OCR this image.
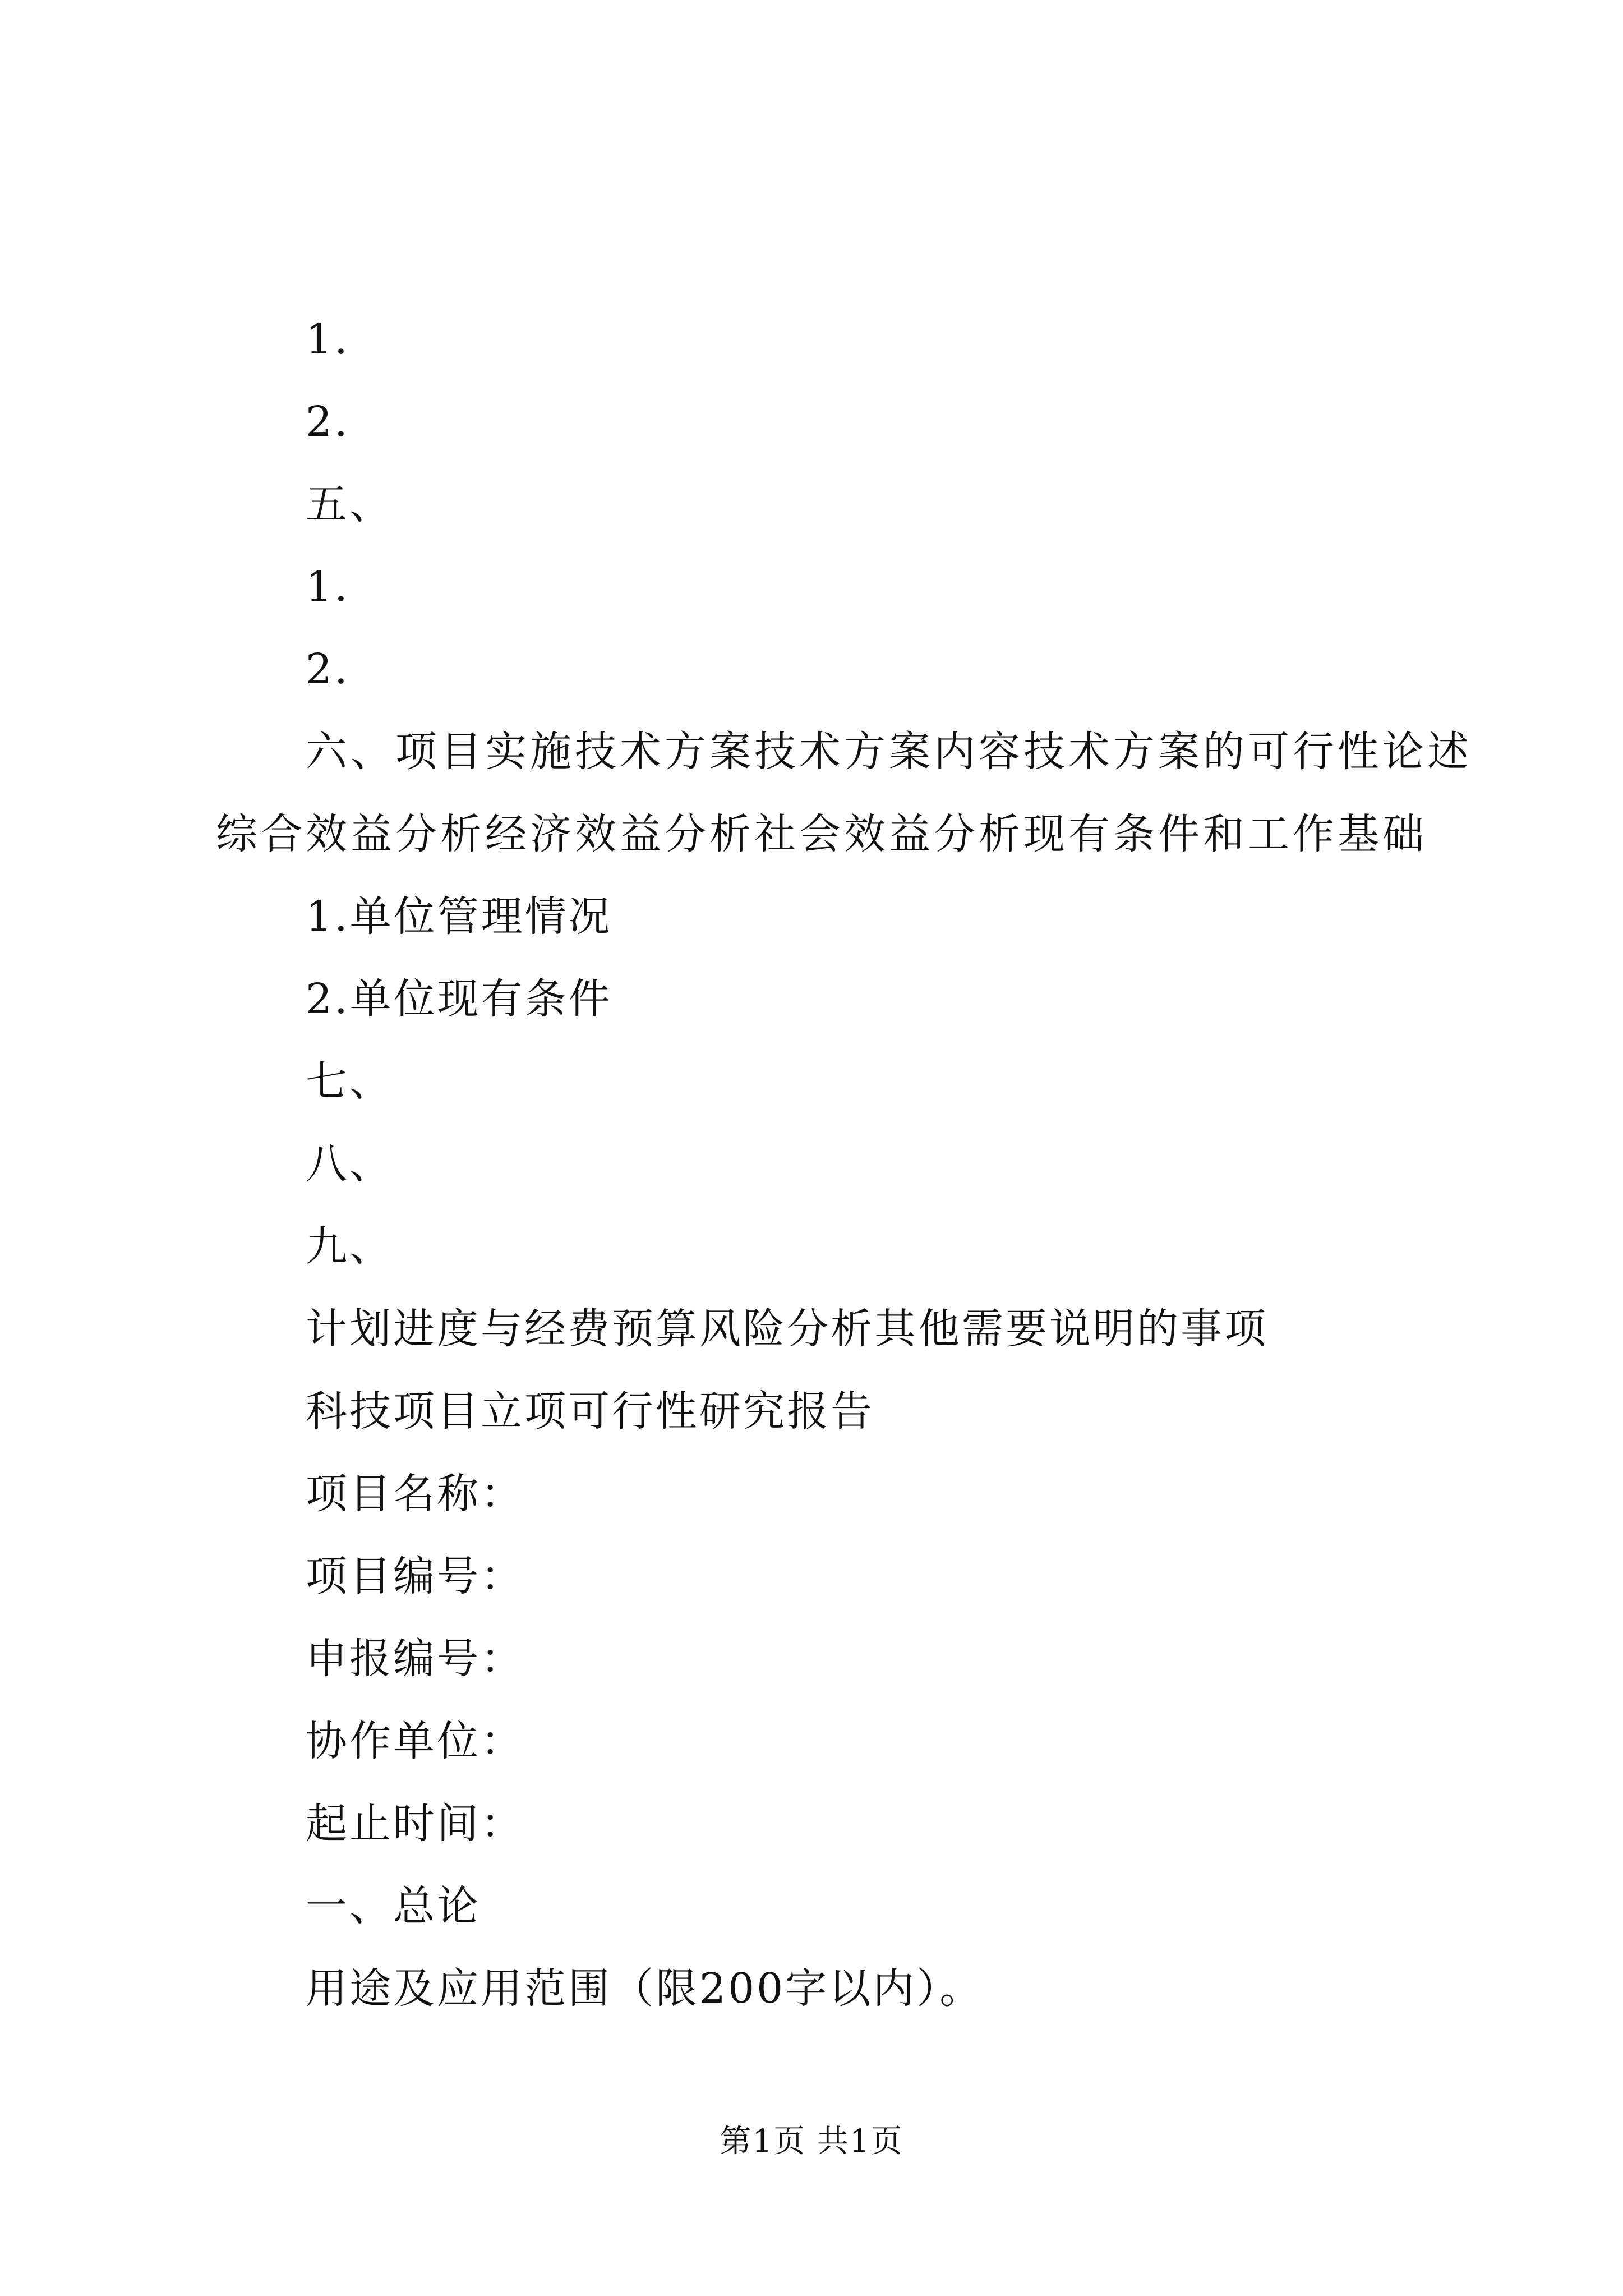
1.
2.
五、
1.
2.
六、项目实施技术方案技术方案内容技术方案的可行性论述
综合效益分析经济效益分析社会效益分析现有条件和工作基础
1.单位管理情况
2.单位现有条件
七、
八、
九、
计划进度与经费预算风险分析其他需要说明的事项
科技项目立项可行性研究报告
项目名称：
项目编号：
申报编号：
协作单位：
起止时间：
一、总论
用途及应用范围（限200字以内）。
第1页 共1页
